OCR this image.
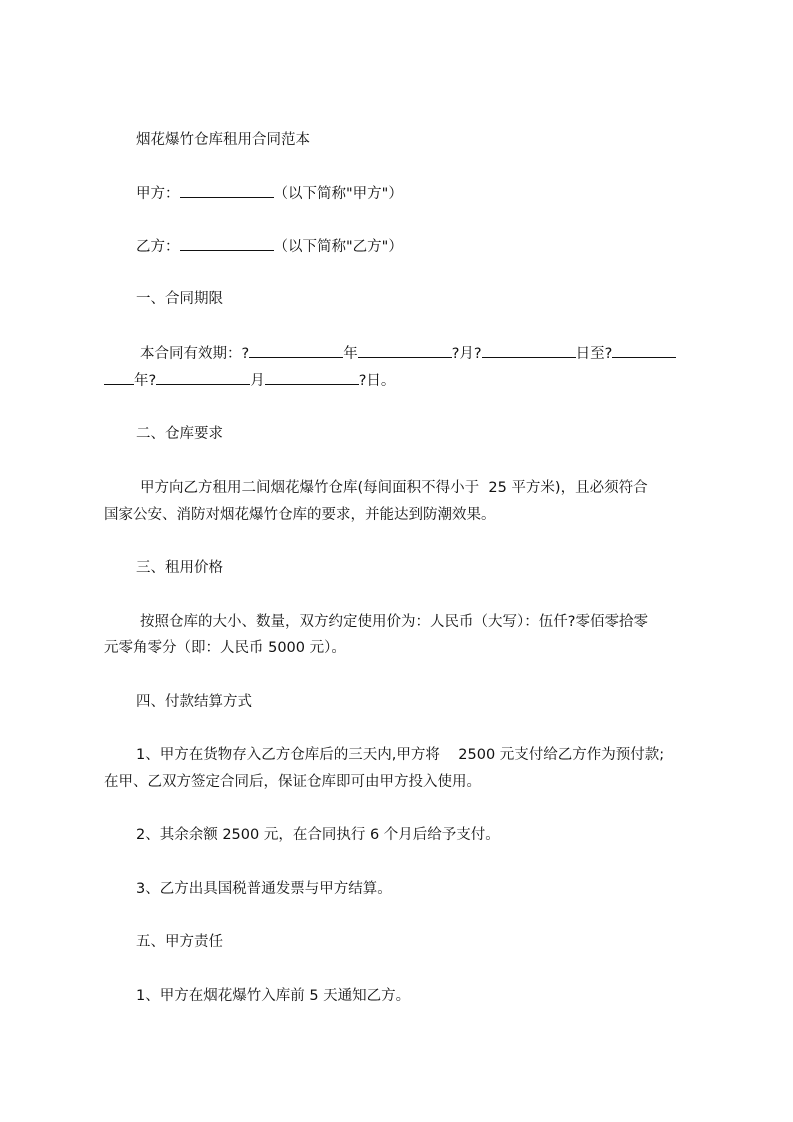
烟花爆竹仓库租用合同范本

甲方：	（以下简称"甲方"）

乙方：	（以下简称"乙方"）

一、合同期限

本合同有效期：?	年	?月?	日至?

年?	月	?日。

二、仓库要求

甲方向乙方租用二间烟花爆竹仓库(每间面积不得小于  25 平方米)，且必须符合

国家公安、消防对烟花爆竹仓库的要求，并能达到防潮效果。

三、租用价格

按照仓库的大小、数量，双方约定使用价为：人民币（大写）：伍仟?零佰零拾零

元零角零分（即：人民币 5000 元）。

四、付款结算方式

1、甲方在货物存入乙方仓库后的三天内,甲方将    2500 元支付给乙方作为预付款;

在甲、乙双方签定合同后，保证仓库即可由甲方投入使用。

2、其余余额 2500 元，在合同执行 6 个月后给予支付。

3、乙方出具国税普通发票与甲方结算。

五、甲方责任

1、甲方在烟花爆竹入库前 5 天通知乙方。
